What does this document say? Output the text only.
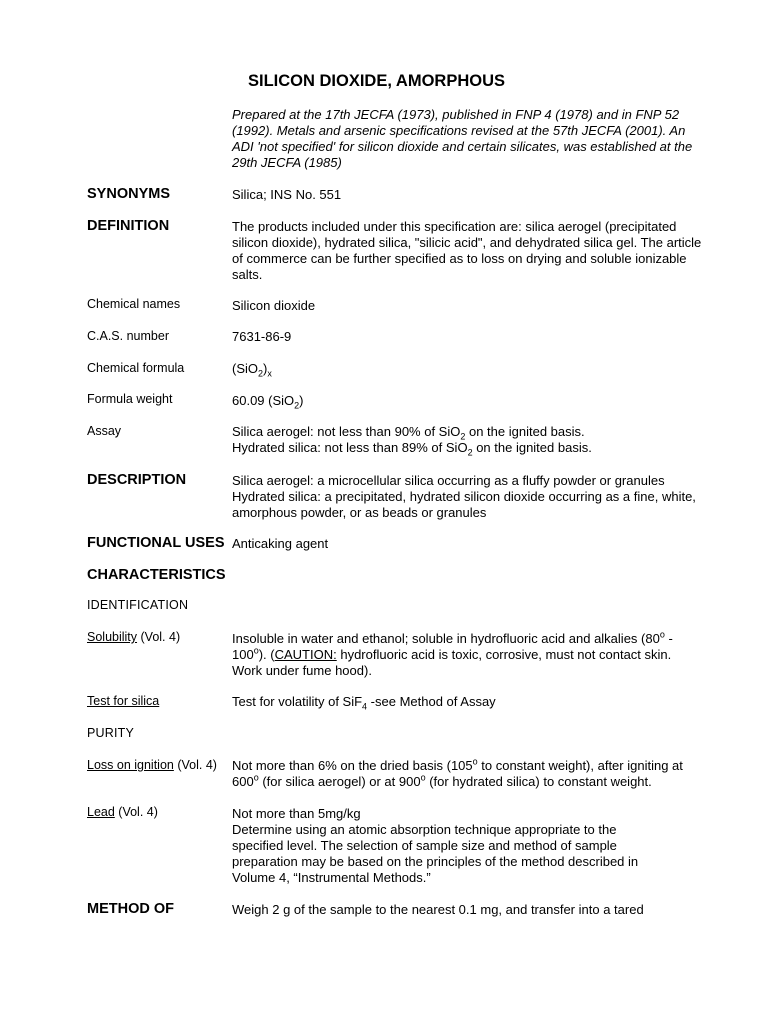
SILICON DIOXIDE, AMORPHOUS
Prepared at the 17th JECFA (1973), published in FNP 4 (1978) and in FNP 52 (1992). Metals and arsenic specifications revised at the 57th JECFA (2001). An ADI 'not specified' for silicon dioxide and certain silicates, was established at the 29th JECFA (1985)
SYNONYMS	Silica; INS No. 551
DEFINITION	The products included under this specification are: silica aerogel (precipitated silicon dioxide), hydrated silica, "silicic acid", and dehydrated silica gel. The article of commerce can be further specified as to loss on drying and soluble ionizable salts.
Chemical names	Silicon dioxide
C.A.S. number	7631-86-9
Chemical formula	$(SiO_2)_x$
Formula weight	60.09 (SiO$_2$)
Assay	Silica aerogel: not less than 90% of SiO$_2$ on the ignited basis.
Hydrated silica: not less than 89% of SiO$_2$ on the ignited basis.
DESCRIPTION	Silica aerogel: a microcellular silica occurring as a fluffy powder or granules
Hydrated silica: a precipitated, hydrated silicon dioxide occurring as a fine, white, amorphous powder, or as beads or granules
FUNCTIONAL USES Anticaking agent
CHARACTERISTICS
IDENTIFICATION
Solubility (Vol. 4)	Insoluble in water and ethanol; soluble in hydrofluoric acid and alkalies (80$^o$ - 100$^o$). (CAUTION: hydrofluoric acid is toxic, corrosive, must not contact skin. Work under fume hood).
Test for silica	Test for volatility of SiF$_4$ -see Method of Assay
PURITY
Loss on ignition (Vol. 4) Not more than 6% on the dried basis (105$^o$ to constant weight), after igniting at 600$^o$ (for silica aerogel) or at 900$^o$ (for hydrated silica) to constant weight.
Lead (Vol. 4)	Not more than 5mg/kg
Determine using an atomic absorption technique appropriate to the specified level. The selection of sample size and method of sample preparation may be based on the principles of the method described in Volume 4, “Instrumental Methods.”
METHOD OF	Weigh 2 g of the sample to the nearest 0.1 mg, and transfer into a tared
